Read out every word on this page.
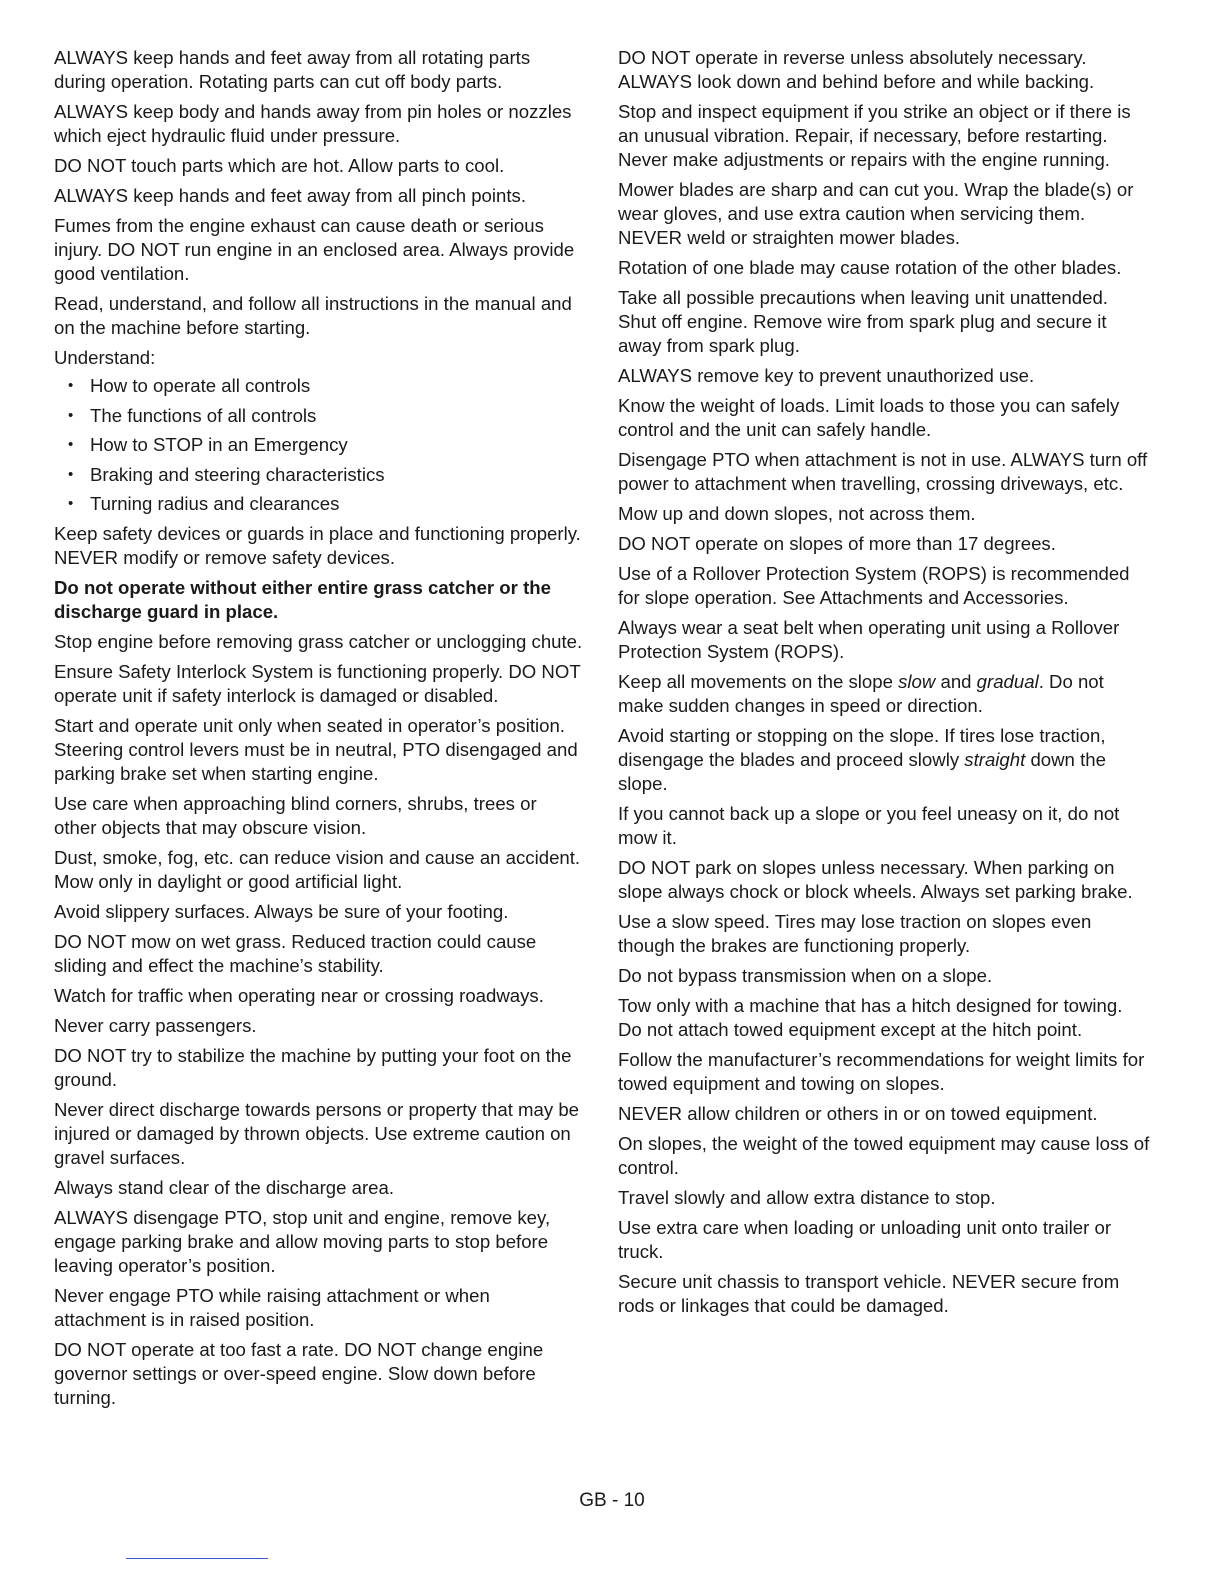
ALWAYS keep hands and feet away from all rotating parts during operation. Rotating parts can cut off body parts.

ALWAYS keep body and hands away from pin holes or nozzles which eject hydraulic fluid under pressure.

DO NOT touch parts which are hot. Allow parts to cool.

ALWAYS keep hands and feet away from all pinch points.

Fumes from the engine exhaust can cause death or serious injury. DO NOT run engine in an enclosed area. Always provide good ventilation.

Read, understand, and follow all instructions in the manual and on the machine before starting.

Understand:

• How to operate all controls
• The functions of all controls
• How to STOP in an Emergency
• Braking and steering characteristics
• Turning radius and clearances

Keep safety devices or guards in place and functioning properly. NEVER modify or remove safety devices.

Do not operate without either entire grass catcher or the discharge guard in place.

Stop engine before removing grass catcher or unclogging chute.

Ensure Safety Interlock System is functioning properly. DO NOT operate unit if safety interlock is damaged or disabled.

Start and operate unit only when seated in operator’s position. Steering control levers must be in neutral, PTO disengaged and parking brake set when starting engine.

Use care when approaching blind corners, shrubs, trees or other objects that may obscure vision.

Dust, smoke, fog, etc. can reduce vision and cause an accident. Mow only in daylight or good artificial light.

Avoid slippery surfaces. Always be sure of your footing.

DO NOT mow on wet grass. Reduced traction could cause sliding and effect the machine’s stability.

Watch for traffic when operating near or crossing roadways.

Never carry passengers.

DO NOT try to stabilize the machine by putting your foot on the ground.

Never direct discharge towards persons or property that may be injured or damaged by thrown objects. Use extreme caution on gravel surfaces.

Always stand clear of the discharge area.

ALWAYS disengage PTO, stop unit and engine, remove key, engage parking brake and allow moving parts to stop before leaving operator’s position.

Never engage PTO while raising attachment or when attachment is in raised position.

DO NOT operate at too fast a rate. DO NOT change engine governor settings or over-speed engine. Slow down before turning.

DO NOT operate in reverse unless absolutely necessary. ALWAYS look down and behind before and while backing.

Stop and inspect equipment if you strike an object or if there is an unusual vibration. Repair, if necessary, before restarting. Never make adjustments or repairs with the engine running.

Mower blades are sharp and can cut you. Wrap the blade(s) or wear gloves, and use extra caution when servicing them. NEVER weld or straighten mower blades.

Rotation of one blade may cause rotation of the other blades.

Take all possible precautions when leaving unit unattended. Shut off engine. Remove wire from spark plug and secure it away from spark plug.

ALWAYS remove key to prevent unauthorized use.

Know the weight of loads. Limit loads to those you can safely control and the unit can safely handle.

Disengage PTO when attachment is not in use. ALWAYS turn off power to attachment when travelling, crossing driveways, etc.

Mow up and down slopes, not across them.

DO NOT operate on slopes of more than 17 degrees.

Use of a Rollover Protection System (ROPS) is recommended for slope operation. See Attachments and Accessories.

Always wear a seat belt when operating unit using a Rollover Protection System (ROPS).

Keep all movements on the slope slow and gradual. Do not make sudden changes in speed or direction.

Avoid starting or stopping on the slope. If tires lose traction, disengage the blades and proceed slowly straight down the slope.

If you cannot back up a slope or you feel uneasy on it, do not mow it.

DO NOT park on slopes unless necessary. When parking on slope always chock or block wheels. Always set parking brake.

Use a slow speed. Tires may lose traction on slopes even though the brakes are functioning properly.

Do not bypass transmission when on a slope.

Tow only with a machine that has a hitch designed for towing. Do not attach towed equipment except at the hitch point.

Follow the manufacturer’s recommendations for weight limits for towed equipment and towing on slopes.

NEVER allow children or others in or on towed equipment.

On slopes, the weight of the towed equipment may cause loss of control.

Travel slowly and allow extra distance to stop.

Use extra care when loading or unloading unit onto trailer or truck.

Secure unit chassis to transport vehicle. NEVER secure from rods or linkages that could be damaged.

GB - 10
